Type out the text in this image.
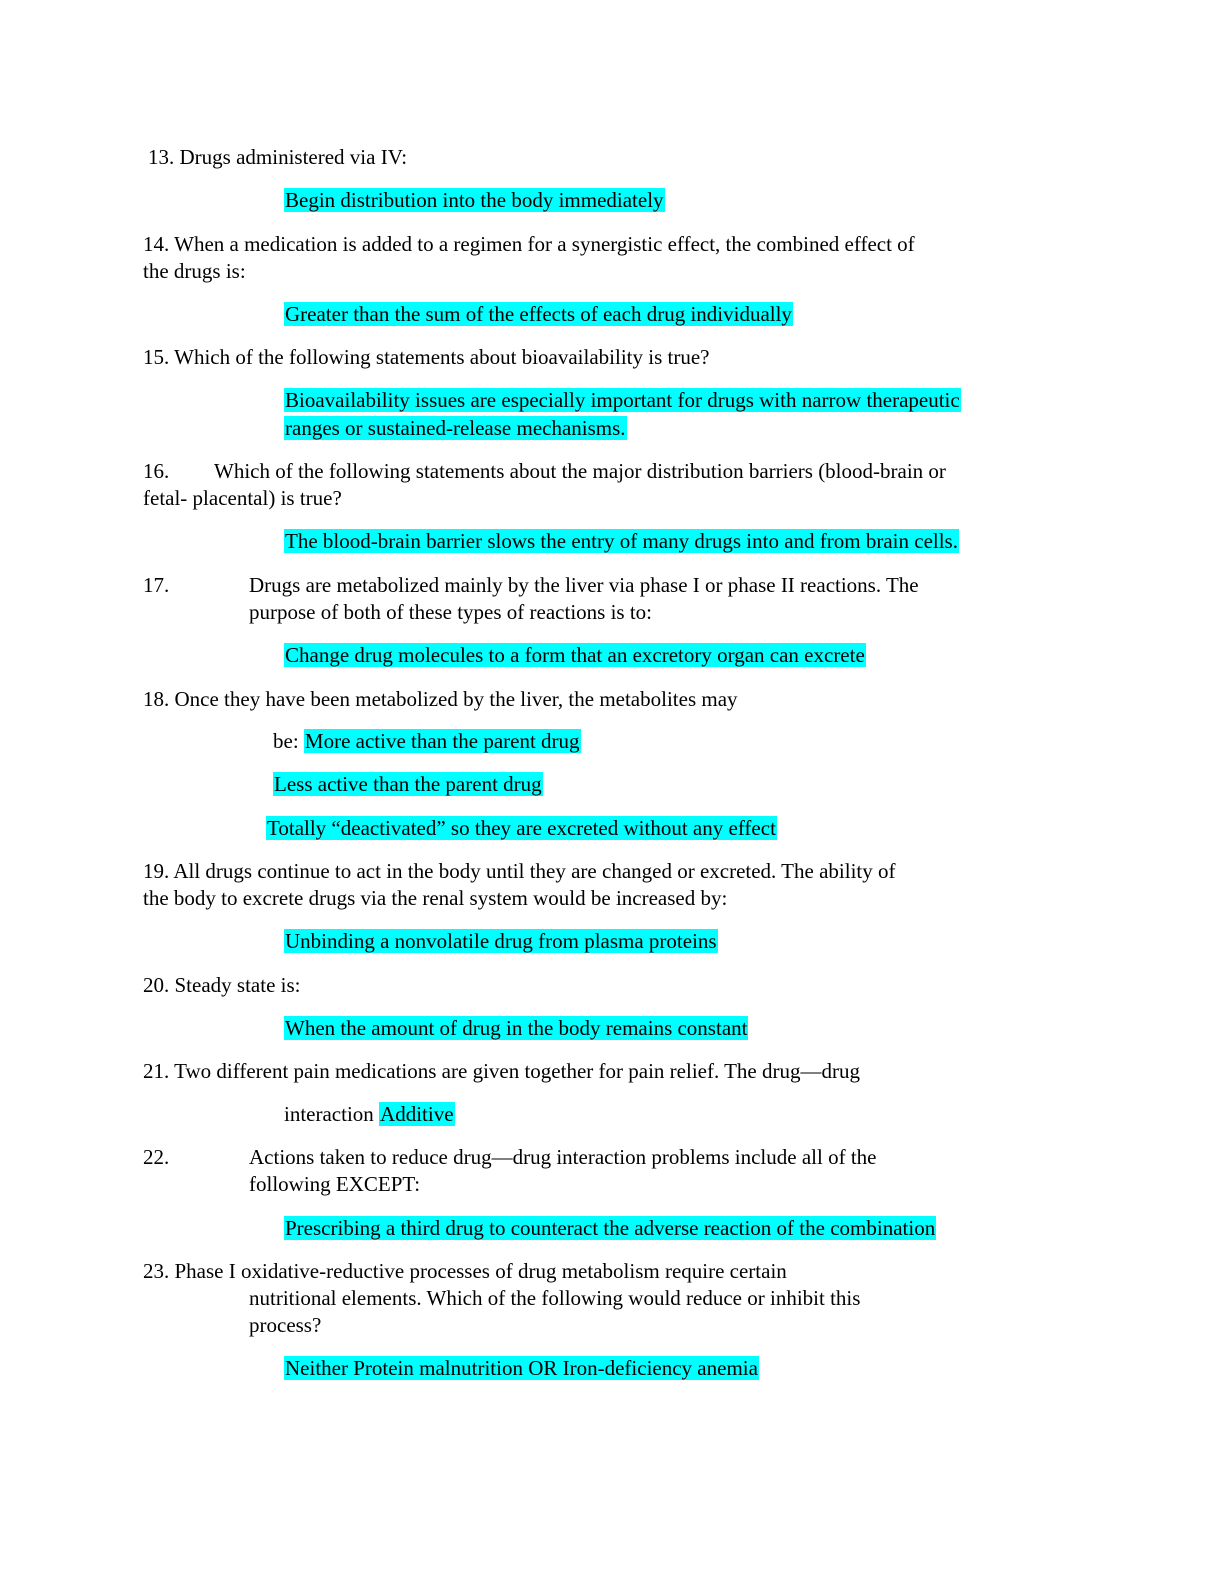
13. Drugs administered via IV:
Begin distribution into the body immediately
14. When a medication is added to a regimen for a synergistic effect, the combined effect of
the drugs is:
Greater than the sum of the effects of each drug individually
15. Which of the following statements about bioavailability is true?
Bioavailability issues are especially important for drugs with narrow therapeutic
ranges or sustained-release mechanisms.
16. Which of the following statements about the major distribution barriers (blood-brain or
fetal- placental) is true?
The blood-brain barrier slows the entry of many drugs into and from brain cells.
17.	Drugs are metabolized mainly by the liver via phase I or phase II reactions. The
purpose of both of these types of reactions is to:
Change drug molecules to a form that an excretory organ can excrete
18. Once they have been metabolized by the liver, the metabolites may
be: More active than the parent drug
Less active than the parent drug
Totally “deactivated” so they are excreted without any effect
19. All drugs continue to act in the body until they are changed or excreted. The ability of
the body to excrete drugs via the renal system would be increased by:
Unbinding a nonvolatile drug from plasma proteins
20. Steady state is:
When the amount of drug in the body remains constant
21. Two different pain medications are given together for pain relief. The drug—drug
interaction Additive
22.	Actions taken to reduce drug—drug interaction problems include all of the
following EXCEPT:
Prescribing a third drug to counteract the adverse reaction of the combination
23. Phase I oxidative-reductive processes of drug metabolism require certain
nutritional elements. Which of the following would reduce or inhibit this
process?
Neither Protein malnutrition OR Iron-deficiency anemia
